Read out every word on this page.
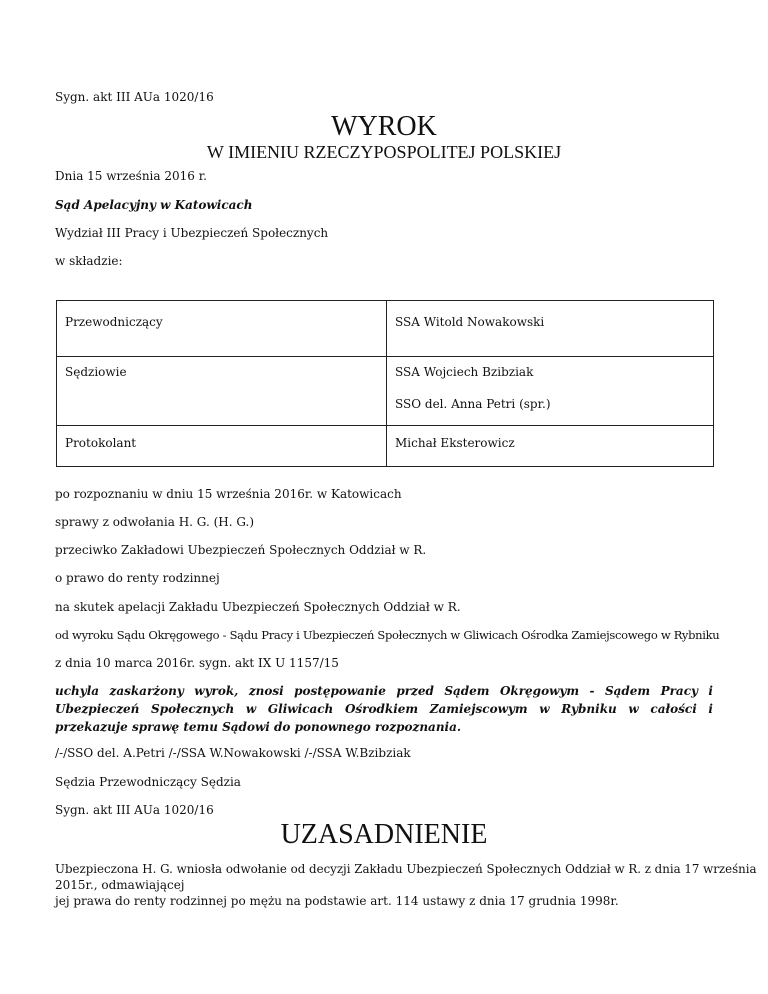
Sygn. akt III AUa 1020/16
WYROK
W IMIENIU RZECZYPOSPOLITEJ POLSKIEJ
Dnia 15 września 2016 r.
Sąd Apelacyjny w Katowicach
Wydział III Pracy i Ubezpieczeń Społecznych
w składzie:
Przewodniczący	SSA Witold Nowakowski

Sędziowie	SSA Wojciech Bzibziak
SSO del. Anna Petri (spr.)

Protokolant	Michał Eksterowicz
po rozpoznaniu w dniu 15 września 2016r. w Katowicach
sprawy z odwołania H. G. (H. G.)
przeciwko Zakładowi Ubezpieczeń Społecznych Oddział w R.
o prawo do renty rodzinnej
na skutek apelacji Zakładu Ubezpieczeń Społecznych Oddział w R.
od wyroku Sądu Okręgowego - Sądu Pracy i Ubezpieczeń Społecznych w Gliwicach Ośrodka Zamiejscowego w Rybniku
z dnia 10 marca 2016r. sygn. akt IX U 1157/15
uchyla zaskarżony wyrok, znosi postępowanie przed Sądem Okręgowym - Sądem Pracy i Ubezpieczeń Społecznych w Gliwicach Ośrodkiem Zamiejscowym w Rybniku w całości i przekazuje sprawę temu Sądowi do ponownego rozpoznania.
/-/SSO del. A.Petri /-/SSA W.Nowakowski /-/SSA W.Bzibziak
Sędzia Przewodniczący Sędzia
Sygn. akt III AUa 1020/16
UZASADNIENIE
Ubezpieczona H. G. wniosła odwołanie od decyzji Zakładu Ubezpieczeń Społecznych Oddział w R. z dnia 17 września
2015r., odmawiającej
jej prawa do renty rodzinnej po mężu na podstawie art. 114 ustawy z dnia 17 grudnia 1998r.
